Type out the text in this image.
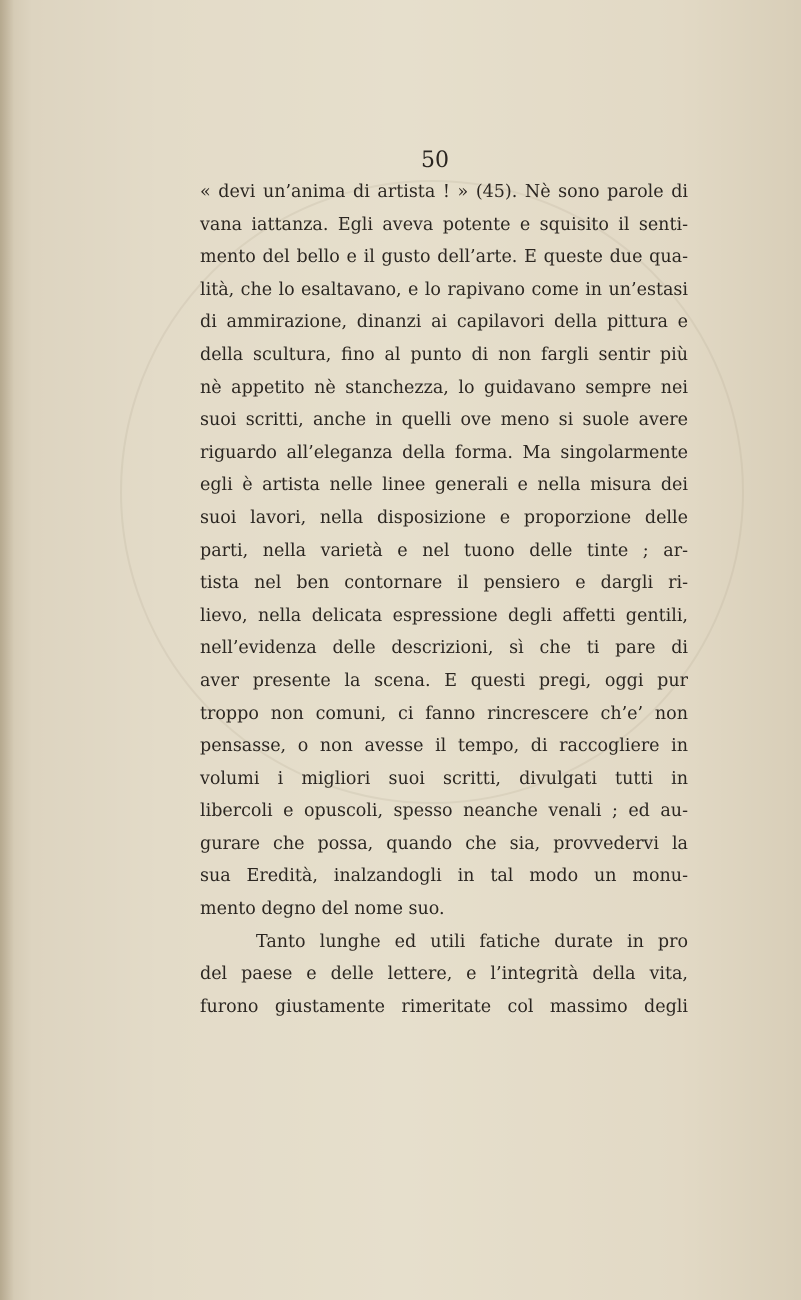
50
« devi un’anima di artista ! » (45). Nè sono parole di
vana iattanza. Egli aveva potente e squisito il senti-
mento del bello e il gusto dell’arte. E queste due qua-
lità, che lo esaltavano, e lo rapivano come in un’estasi
di ammirazione, dinanzi ai capilavori della pittura e
della scultura, fino al punto di non fargli sentir più
nè appetito nè stanchezza, lo guidavano sempre nei
suoi scritti, anche in quelli ove meno si suole avere
riguardo all’eleganza della forma. Ma singolarmente
egli è artista nelle linee generali e nella misura dei
suoi lavori, nella disposizione e proporzione delle
parti, nella varietà e nel tuono delle tinte ; ar-
tista nel ben contornare il pensiero e dargli ri-
lievo, nella delicata espressione degli affetti gentili,
nell’evidenza delle descrizioni, sì che ti pare di
aver presente la scena. E questi pregi, oggi pur
troppo non comuni, ci fanno rincrescere ch’e’ non
pensasse, o non avesse il tempo, di raccogliere in
volumi i migliori suoi scritti, divulgati tutti in
libercoli e opuscoli, spesso neanche venali ; ed au-
gurare che possa, quando che sia, provvedervi la
sua Eredità, inalzandogli in tal modo un monu-
mento degno del nome suo.
Tanto lunghe ed utili fatiche durate in pro
del paese e delle lettere, e l’integrità della vita,
furono giustamente rimeritate col massimo degli
